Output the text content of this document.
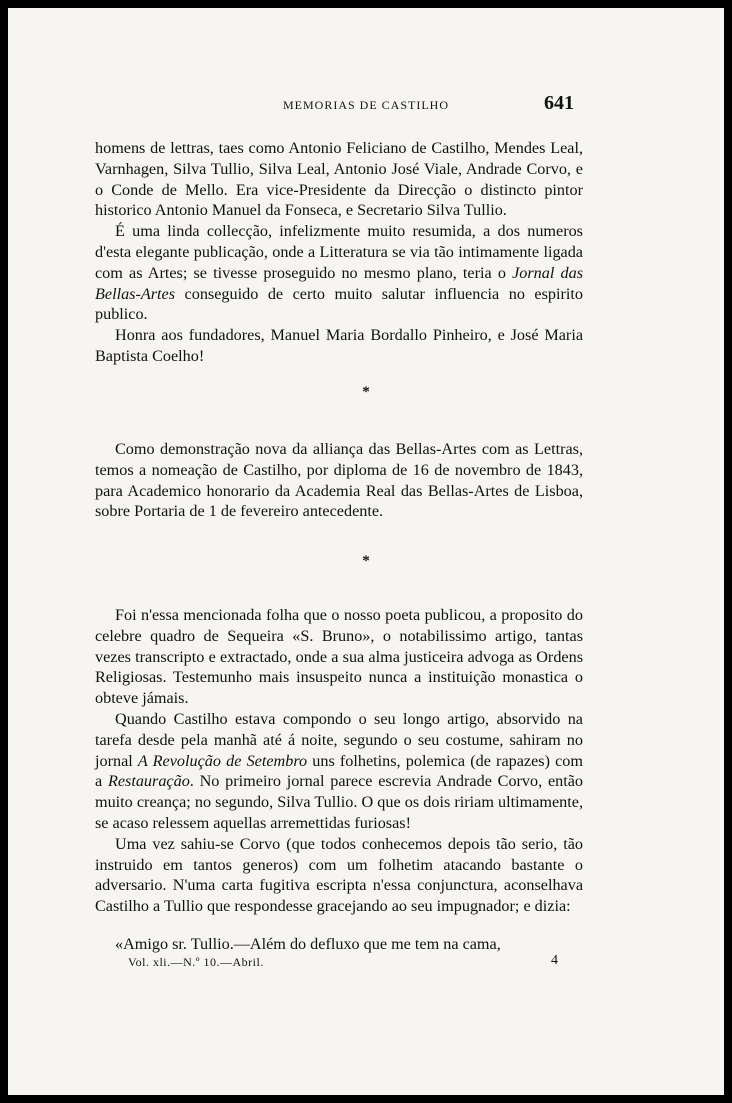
MEMORIAS DE CASTILHO	641

homens de lettras, taes como Antonio Feliciano de Castilho, Mendes Leal, Varnhagen, Silva Tullio, Silva Leal, Antonio José Viale, Andrade Corvo, e o Conde de Mello. Era vice-Presidente da Direcção o distincto pintor historico Antonio Manuel da Fonseca, e Secretario Silva Tullio.

É uma linda collecção, infelizmente muito resumida, a dos numeros d'esta elegante publicação, onde a Litteratura se via tão intimamente ligada com as Artes; se tivesse proseguido no mesmo plano, teria o Jornal das Bellas-Artes conseguido de certo muito salutar influencia no espirito publico.

Honra aos fundadores, Manuel Maria Bordallo Pinheiro, e José Maria Baptista Coelho!

*

Como demonstração nova da alliança das Bellas-Artes com as Lettras, temos a nomeação de Castilho, por diploma de 16 de novembro de 1843, para Academico honorario da Academia Real das Bellas-Artes de Lisboa, sobre Portaria de 1 de fevereiro antecedente.

*

Foi n'essa mencionada folha que o nosso poeta publicou, a proposito do celebre quadro de Sequeira «S. Bruno», o notabilissimo artigo, tantas vezes transcripto e extractado, onde a sua alma justiceira advoga as Ordens Religiosas. Testemunho mais insuspeito nunca a instituição monastica o obteve jámais.

Quando Castilho estava compondo o seu longo artigo, absorvido na tarefa desde pela manhã até á noite, segundo o seu costume, sahiram no jornal A Revolução de Setembro uns folhetins, polemica (de rapazes) com a Restauração. No primeiro jornal parece escrevia Andrade Corvo, então muito creança; no segundo, Silva Tullio. O que os dois ririam ultimamente, se acaso relessem aquellas arremettidas furiosas!

Uma vez sahiu-se Corvo (que todos conhecemos depois tão serio, tão instruido em tantos generos) com um folhetim atacando bastante o adversario. N'uma carta fugitiva escripta n'essa conjunctura, aconselhava Castilho a Tullio que respondesse gracejando ao seu impugnador; e dizia:

«Amigo sr. Tullio.—Além do defluxo que me tem na cama,

Vol. xli.—N.º 10.—Abril.	4
